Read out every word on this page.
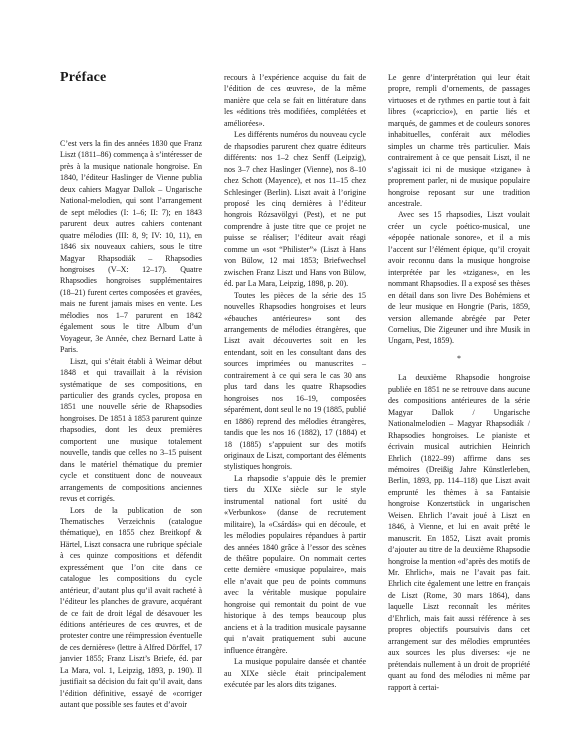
Préface

C’est vers la fin des années 1830 que Franz Liszt (1811–86) commença à s’intéresser de près à la musique nationale hongroise. En 1840, l’éditeur Haslinger de Vienne publia deux cahiers Magyar Dallok – Ungarische National-melodien, qui sont l’arrangement de sept mélodies (I: 1–6; II: 7); en 1843 parurent deux autres cahiers contenant quatre mélodies (III: 8, 9; IV: 10, 11), en 1846 six nouveaux cahiers, sous le titre Magyar Rhapsodiák – Rhapsodies hongroises (V–X: 12–17). Quatre Rhapsodies hongroises supplémentaires (18–21) furent certes composées et gravées, mais ne furent jamais mises en vente. Les mélodies nos 1–7 parurent en 1842 également sous le titre Album d’un Voyageur, 3e Année, chez Bernard Latte à Paris.

Liszt, qui s’était établi à Weimar début 1848 et qui travaillait à la révision systématique de ses compositions, en particulier des grands cycles, proposa en 1851 une nouvelle série de Rhapsodies hongroises. De 1851 à 1853 parurent quinze rhapsodies, dont les deux premières comportent une musique totalement nouvelle, tandis que celles no 3–15 puisent dans le matériel thématique du premier cycle et constituent donc de nouveaux arrangements de compositions anciennes revus et corrigés.

Lors de la publication de son Thematisches Verzeichnis (catalogue thématique), en 1855 chez Breitkopf & Härtel, Liszt consacra une rubrique spéciale à ces quinze compositions et défendit expressément que l’on cite dans ce catalogue les compositions du cycle antérieur, d’autant plus qu’il avait racheté à l’éditeur les planches de gravure, acquérant de ce fait de droit légal de désavouer les éditions antérieures de ces œuvres, et de protester contre une réimpression éventuelle de ces dernières» (lettre à Alfred Dörffel, 17 janvier 1855; Franz Liszt’s Briefe, éd. par La Mara, vol. 1, Leipzig, 1893, p. 190). Il justifiait sa décision du fait qu’il avait, dans l’édition définitive, essayé de «corriger autant que possible ses fautes et d’avoir

recours à l’expérience acquise du fait de l’édition de ces œuvres», de la même manière que cela se fait en littérature dans les «éditions très modifiées, complétées et améliorées».

Les différents numéros du nouveau cycle de rhapsodies parurent chez quatre éditeurs différents: nos 1–2 chez Senff (Leipzig), nos 3–7 chez Haslinger (Vienne), nos 8–10 chez Schott (Mayence), et nos 11–15 chez Schlesinger (Berlin). Liszt avait à l’origine proposé les cinq dernières à l’éditeur hongrois Rózsavölgyi (Pest), et ne put comprendre à juste titre que ce projet ne puisse se réaliser; l’éditeur avait réagi comme un «sot “Philister”» (Liszt à Hans von Bülow, 12 mai 1853; Briefwechsel zwischen Franz Liszt und Hans von Bülow, éd. par La Mara, Leipzig, 1898, p. 20).

Toutes les pièces de la série des 15 nouvelles Rhapsodies hongroises et leurs «ébauches antérieures» sont des arrangements de mélodies étrangères, que Liszt avait découvertes soit en les entendant, soit en les consultant dans des sources imprimées ou manuscrites – contrairement à ce qui sera le cas 30 ans plus tard dans les quatre Rhapsodies hongroises nos 16–19, composées séparément, dont seul le no 19 (1885, publié en 1886) reprend des mélodies étrangères, tandis que les nos 16 (1882), 17 (1884) et 18 (1885) s’appuient sur des motifs originaux de Liszt, comportant des éléments stylistiques hongrois.

La rhapsodie s’appuie dès le premier tiers du XIXe siècle sur le style instrumental national fort usité du «Verbunkos» (danse de recrutement militaire), la «Csárdás» qui en découle, et les mélodies populaires répandues à partir des années 1840 grâce à l’essor des scènes de théâtre populaire. On nommait certes cette dernière «musique populaire», mais elle n’avait que peu de points communs avec la véritable musique populaire hongroise qui remontait du point de vue historique à des temps beaucoup plus anciens et à la tradition musicale paysanne qui n’avait pratiquement subi aucune influence étrangère.

La musique populaire dansée et chantée au XIXe siècle était principalement exécutée par les alors dits tziganes.

Le genre d’interprétation qui leur était propre, rempli d’ornements, de passages virtuoses et de rythmes en partie tout à fait libres («capriccio»), en partie liés et marqués, de gammes et de couleurs sonores inhabituelles, conférait aux mélodies simples un charme très particulier. Mais contrairement à ce que pensait Liszt, il ne s’agissait ici ni de musique «tzigane» à proprement parler, ni de musique populaire hongroise reposant sur une tradition ancestrale.

Avec ses 15 rhapsodies, Liszt voulait créer un cycle poético-musical, une «épopée nationale sonore», et il a mis l’accent sur l’élément épique, qu’il croyait avoir reconnu dans la musique hongroise interprétée par les «tziganes», en les nommant Rhapsodies. Il a exposé ses thèses en détail dans son livre Des Bohémiens et de leur musique en Hongrie (Paris, 1859, version allemande abrégée par Peter Cornelius, Die Zigeuner und ihre Musik in Ungarn, Pest, 1859).

*

La deuxième Rhapsodie hongroise publiée en 1851 ne se retrouve dans aucune des compositions antérieures de la série Magyar Dallok / Ungarische Nationalmelodien – Magyar Rhapsodiák / Rhapsodies hongroises. Le pianiste et écrivain musical autrichien Heinrich Ehrlich (1822–99) affirme dans ses mémoires (Dreißig Jahre Künstlerleben, Berlin, 1893, pp. 114–118) que Liszt avait emprunté les thèmes à sa Fantaisie hongroise Konzertstück in ungarischen Weisen. Ehrlich l’avait joué à Liszt en 1846, à Vienne, et lui en avait prêté le manuscrit. En 1852, Liszt avait promis d’ajouter au titre de la deuxième Rhapsodie hongroise la mention «d’après des motifs de Mr. Ehrlich», mais ne l’avait pas fait. Ehrlich cite également une lettre en français de Liszt (Rome, 30 mars 1864), dans laquelle Liszt reconnaît les mérites d’Ehrlich, mais fait aussi référence à ses propres objectifs poursuivis dans cet arrangement sur des mélodies empruntées aux sources les plus diverses: «je ne prétendais nullement à un droit de propriété quant au fond des mélodies ni même par rapport à certai-
